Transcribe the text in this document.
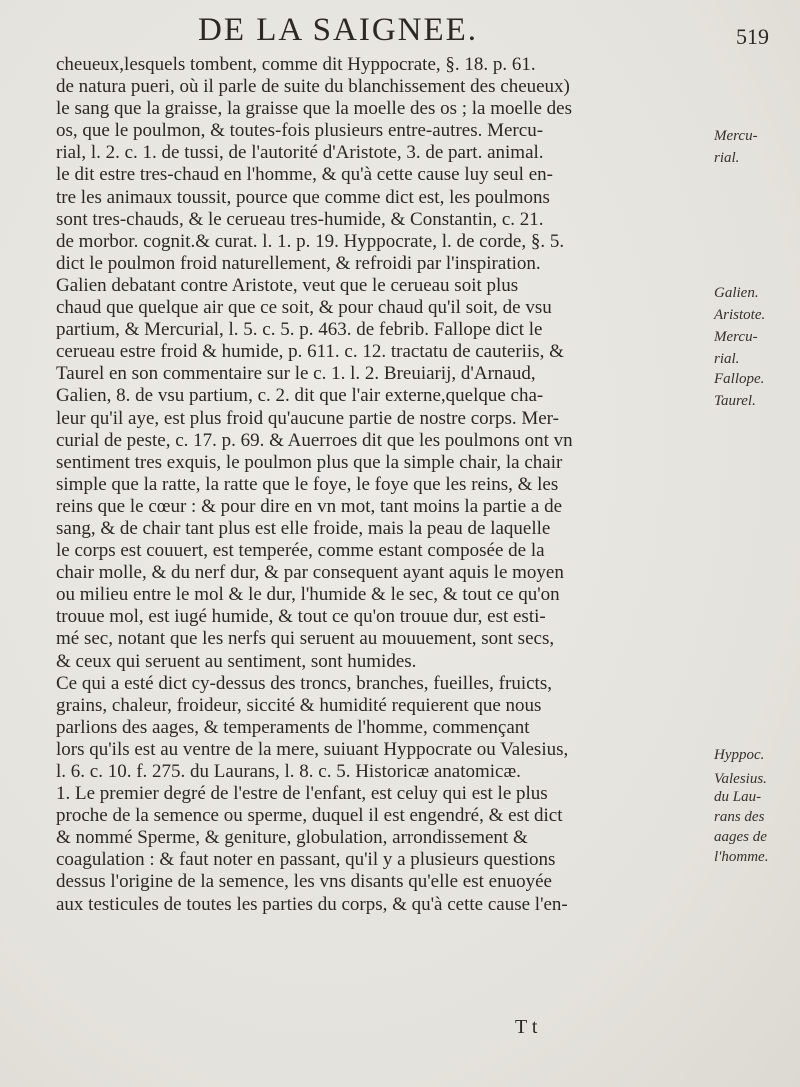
DE LA SAIGNEE.	519
cheueux,lesquels tombent, comme dit Hyppocrate, §. 18. p. 61.
de natura pueri, où il parle de suite du blanchissement des cheueux)
le sang que la graisse, la graisse que la moelle des os ; la moelle des
os, que le poulmon, & toutes-fois plusieurs entre-autres. Mercu-
rial, l. 2. c. 1. de tussi, de l'autorité d'Aristote, 3. de part. animal.
le dit estre tres-chaud en l'homme, & qu'à cette cause luy seul en-
tre les animaux toussit, pource que comme dict est, les poulmons
sont tres-chauds, & le cerueau tres-humide, & Constantin, c. 21.
de morbor. cognit.& curat. l. 1. p. 19. Hyppocrate, l. de corde, §. 5.
dict le poulmon froid naturellement, & refroidi par l'inspiration.
Galien debatant contre Aristote, veut que le cerueau soit plus
chaud que quelque air que ce soit, & pour chaud qu'il soit, de vsu
partium, & Mercurial, l. 5. c. 5. p. 463. de febrib. Fallope dict le
cerueau estre froid & humide, p. 611. c. 12. tractatu de cauteriis, &
Taurel en son commentaire sur le c. 1. l. 2. Breuiarij, d'Arnaud,
Galien, 8. de vsu partium, c. 2. dit que l'air externe,quelque cha-
leur qu'il aye, est plus froid qu'aucune partie de nostre corps. Mer-
curial de peste, c. 17. p. 69. & Auerroes dit que les poulmons ont vn
sentiment tres exquis, le poulmon plus que la simple chair, la chair
simple que la ratte, la ratte que le foye, le foye que les reins, & les
reins que le cœur : & pour dire en vn mot, tant moins la partie a de
sang, & de chair tant plus est elle froide, mais la peau de laquelle
le corps est couuert, est temperée, comme estant composée de la
chair molle, & du nerf dur, & par consequent ayant aquis le moyen
ou milieu entre le mol & le dur, l'humide & le sec, & tout ce qu'on
trouue mol, est iugé humide, & tout ce qu'on trouue dur, est esti-
mé sec, notant que les nerfs qui seruent au mouuement, sont secs,
& ceux qui seruent au sentiment, sont humides.
Ce qui a esté dict cy-dessus des troncs, branches, fueilles, fruicts,
grains, chaleur, froideur, siccité & humidité requierent que nous
parlions des aages, & temperaments de l'homme, commençant
lors qu'ils est au ventre de la mere, suiuant Hyppocrate ou Valesius,
l. 6. c. 10. f. 275. du Laurans, l. 8. c. 5. Historicæ anatomicæ.
1. Le premier degré de l'estre de l'enfant, est celuy qui est le plus
proche de la semence ou sperme, duquel il est engendré, & est dict
& nommé Sperme, & geniture, globulation, arrondissement &
coagulation : & faut noter en passant, qu'il y a plusieurs questions
dessus l'origine de la semence, les vns disants qu'elle est enuoyée
aux testicules de toutes les parties du corps, & qu'à cette cause l'en-
Mercu-
rial.
Galien.
Aristote.
Mercu-
rial.
Fallope.
Taurel.
Hyppoc.
Valesius.
du Lau-
rans des
aages de
l'homme.
T t
